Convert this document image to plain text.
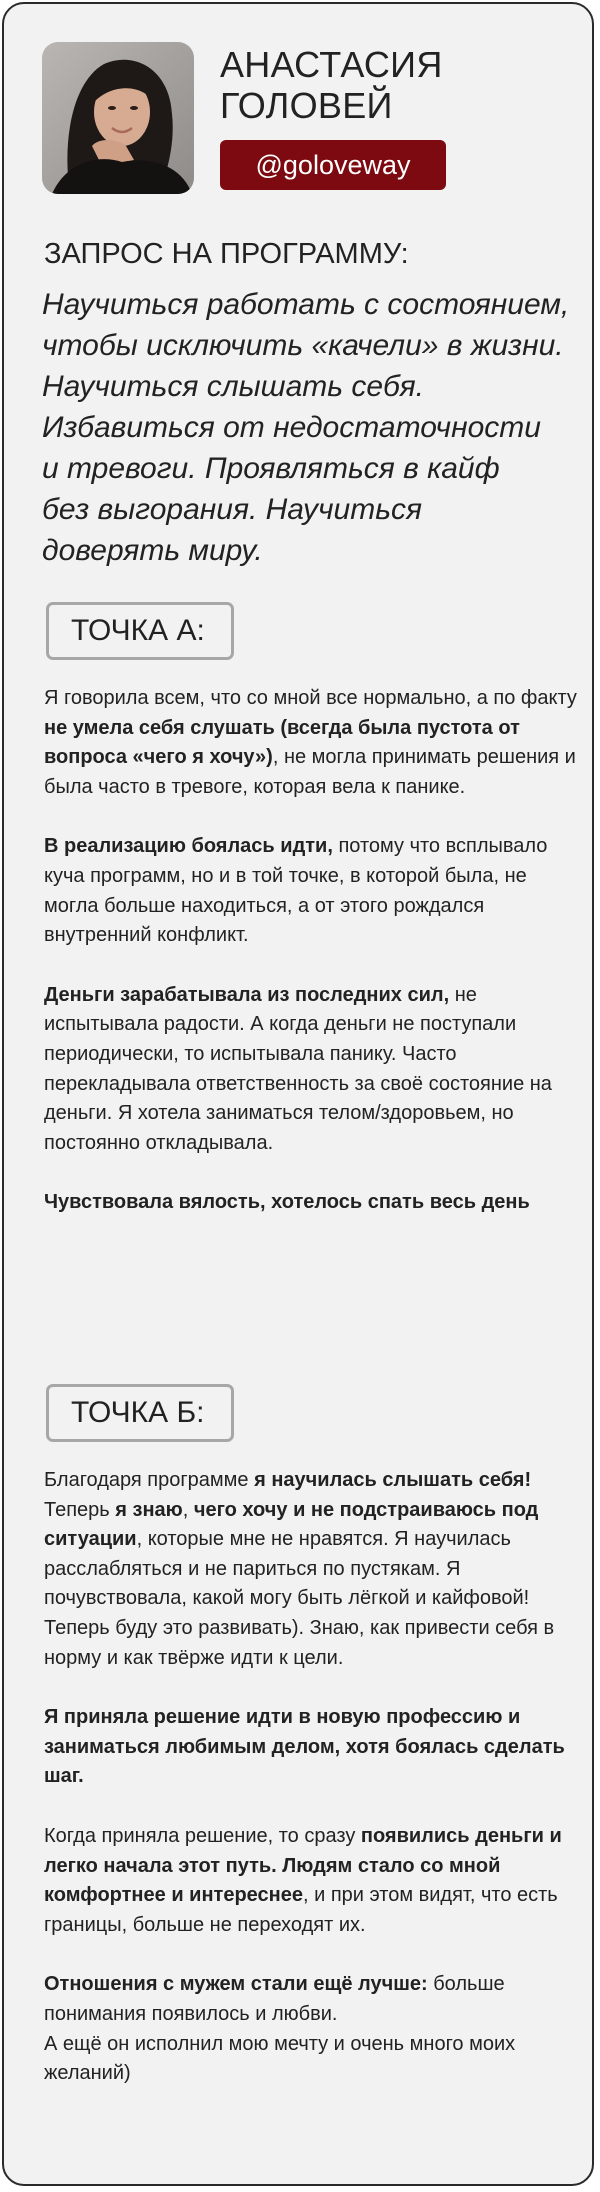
АНАСТАСИЯ
ГОЛОВЕЙ
@goloveway
ЗАПРОС НА ПРОГРАММУ:

Научиться работать с состоянием,
чтобы исключить «качели» в жизни.
Научиться слышать себя.
Избавиться от недостаточности
и тревоги. Проявляться в кайф
без выгорания. Научиться
доверять миру.

ТОЧКА А:

Я говорила всем, что со мной все нормально, а по факту не умела себя слушать (всегда была пустота от вопроса «чего я хочу»), не могла принимать решения и была часто в тревоге, которая вела к панике.

В реализацию боялась идти, потому что всплывало куча программ, но и в той точке, в которой была, не могла больше находиться, а от этого рождался внутренний конфликт.

Деньги зарабатывала из последних сил, не испытывала радости. А когда деньги не поступали периодически, то испытывала панику. Часто перекладывала ответственность за своё состояние на деньги. Я хотела заниматься телом/здоровьем, но постоянно откладывала.

Чувствовала вялость, хотелось спать весь день

ТОЧКА Б:

Благодаря программе я научилась слышать себя! Теперь я знаю, чего хочу и не подстраиваюсь под ситуации, которые мне не нравятся. Я научилась расслабляться и не париться по пустякам. Я почувствовала, какой могу быть лёгкой и кайфовой! Теперь буду это развивать). Знаю, как привести себя в норму и как твёрже идти к цели.

Я приняла решение идти в новую профессию и заниматься любимым делом, хотя боялась сделать шаг.

Когда приняла решение, то сразу появились деньги и легко начала этот путь. Людям стало со мной комфортнее и интереснее, и при этом видят, что есть границы, больше не переходят их.

Отношения с мужем стали ещё лучше: больше понимания появилось и любви.
А ещё он исполнил мою мечту и очень много моих желаний)
